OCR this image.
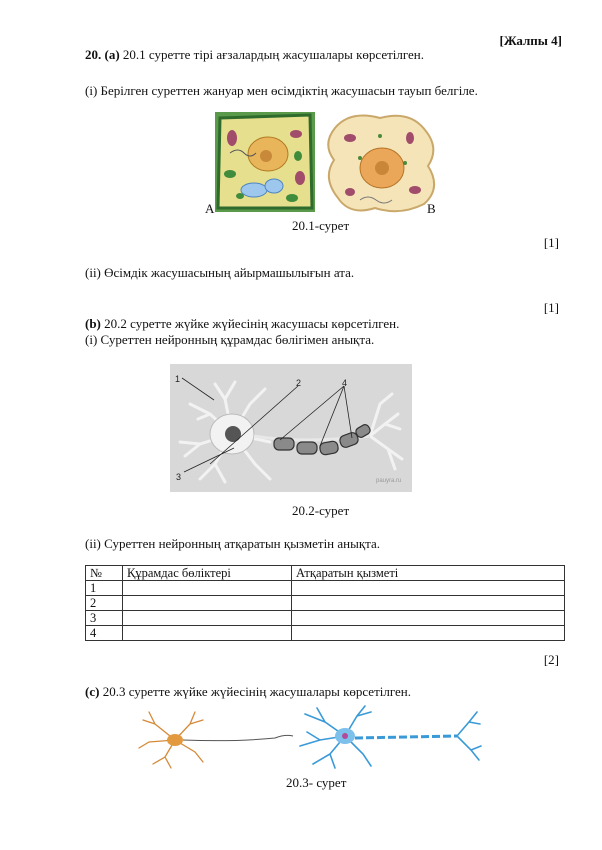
[Жалпы 4]
20. (a) 20.1 суретте тірі ағзалардың жасушалары көрсетілген.
(i) Берілген суреттен жануар мен өсімдіктің жасушасын тауып белгіле.
A	B
20.1-сурет
[1]
(ii) Өсімдік жасушасының айырмашылығын ата.
[1]
(b) 20.2 суретте жүйке жүйесінің жасушасы көрсетілген.
(i) Суреттен нейронның құрамдас бөлігімен анықта.
1	2
3
4
pauyra.ru
20.2-сурет
(ii) Суреттен нейронның атқаратын қызметін анықта.
№	Құрамдас бөліктері	Атқаратын қызметі
1		
2		
3		
4		
[2]
(c) 20.3 суретте жүйке жүйесінің жасушалары көрсетілген.
20.3- сурет
